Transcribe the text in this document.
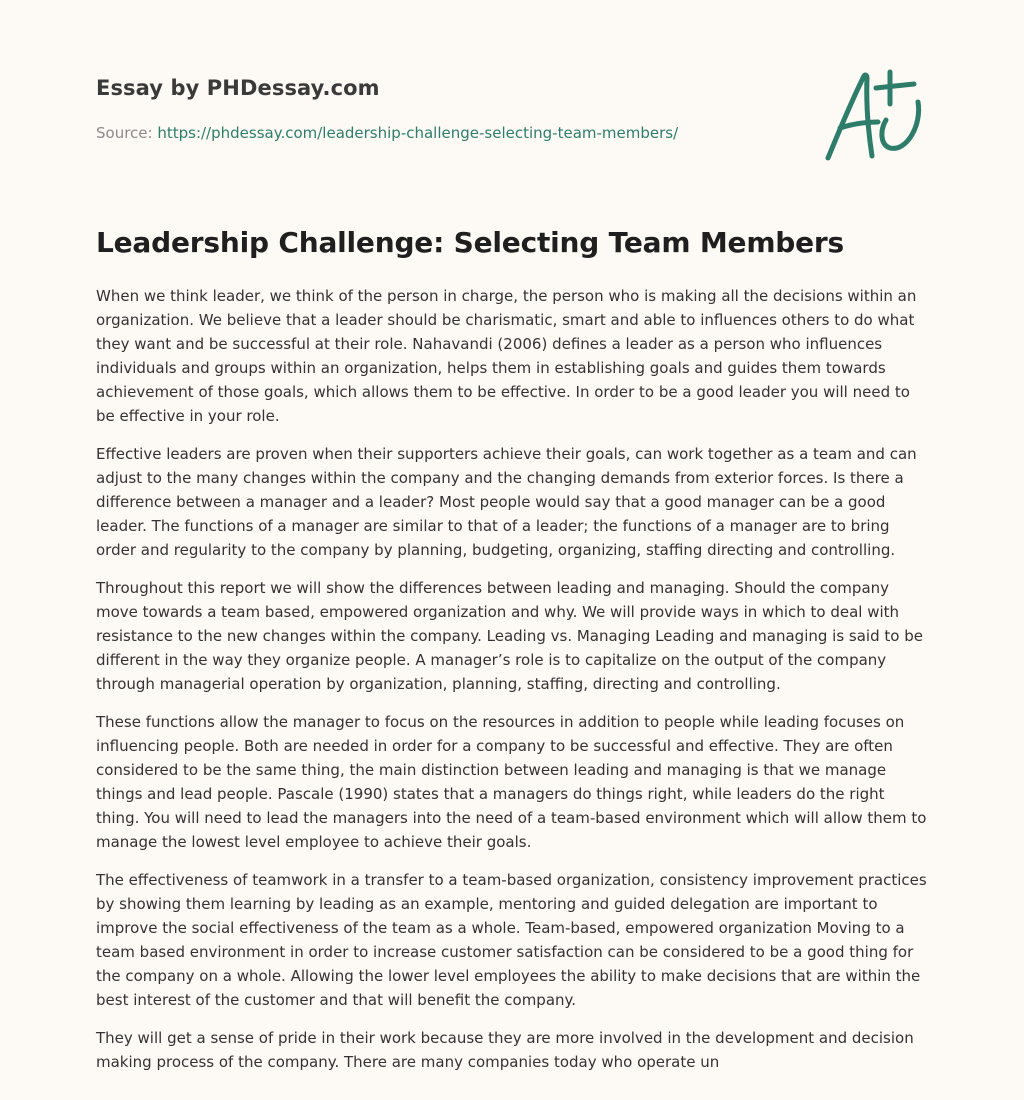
Essay by PHDessay.com
Source: https://phdessay.com/leadership-challenge-selecting-team-members/
Leadership Challenge: Selecting Team Members

When we think leader, we think of the person in charge, the person who is making all the decisions within an organization. We believe that a leader should be charismatic, smart and able to influences others to do what they want and be successful at their role. Nahavandi (2006) defines a leader as a person who influences individuals and groups within an organization, helps them in establishing goals and guides them towards achievement of those goals, which allows them to be effective. In order to be a good leader you will need to be effective in your role.

Effective leaders are proven when their supporters achieve their goals, can work together as a team and can adjust to the many changes within the company and the changing demands from exterior forces. Is there a difference between a manager and a leader? Most people would say that a good manager can be a good leader. The functions of a manager are similar to that of a leader; the functions of a manager are to bring order and regularity to the company by planning, budgeting, organizing, staffing directing and controlling.

Throughout this report we will show the differences between leading and managing. Should the company move towards a team based, empowered organization and why. We will provide ways in which to deal with resistance to the new changes within the company. Leading vs. Managing Leading and managing is said to be different in the way they organize people. A manager’s role is to capitalize on the output of the company through managerial operation by organization, planning, staffing, directing and controlling.

These functions allow the manager to focus on the resources in addition to people while leading focuses on influencing people. Both are needed in order for a company to be successful and effective. They are often considered to be the same thing, the main distinction between leading and managing is that we manage things and lead people. Pascale (1990) states that a managers do things right, while leaders do the right thing. You will need to lead the managers into the need of a team-based environment which will allow them to manage the lowest level employee to achieve their goals.

The effectiveness of teamwork in a transfer to a team-based organization, consistency improvement practices by showing them learning by leading as an example, mentoring and guided delegation are important to improve the social effectiveness of the team as a whole. Team-based, empowered organization Moving to a team based environment in order to increase customer satisfaction can be considered to be a good thing for the company on a whole. Allowing the lower level employees the ability to make decisions that are within the best interest of the customer and that will benefit the company.

They will get a sense of pride in their work because they are more involved in the development and decision making process of the company. There are many companies today who operate un
